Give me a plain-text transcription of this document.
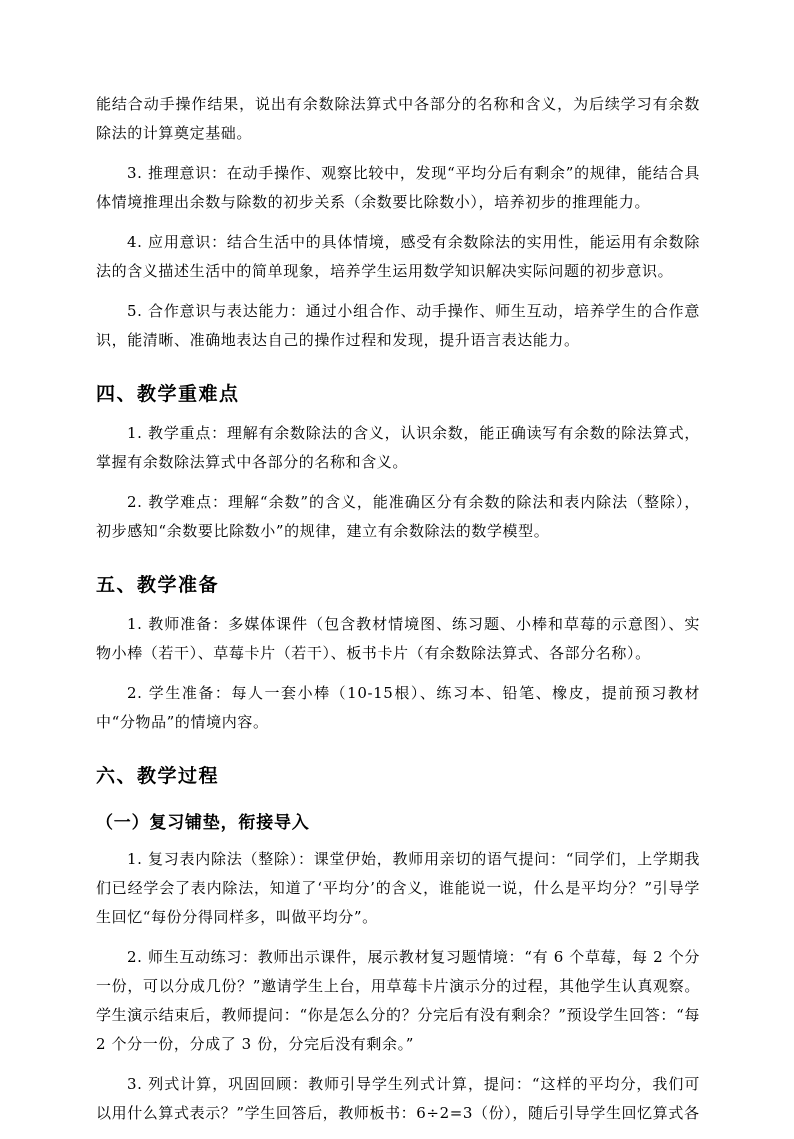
能结合动手操作结果，说出有余数除法算式中各部分的名称和含义，为后续学习有余数除法的计算奠定基础。

3. 推理意识：在动手操作、观察比较中，发现“平均分后有剩余”的规律，能结合具体情境推理出余数与除数的初步关系（余数要比除数小），培养初步的推理能力。

4. 应用意识：结合生活中的具体情境，感受有余数除法的实用性，能运用有余数除法的含义描述生活中的简单现象，培养学生运用数学知识解决实际问题的初步意识。

5. 合作意识与表达能力：通过小组合作、动手操作、师生互动，培养学生的合作意识，能清晰、准确地表达自己的操作过程和发现，提升语言表达能力。

四、教学重难点

1. 教学重点：理解有余数除法的含义，认识余数，能正确读写有余数的除法算式，掌握有余数除法算式中各部分的名称和含义。

2. 教学难点：理解“余数”的含义，能准确区分有余数的除法和表内除法（整除），初步感知“余数要比除数小”的规律，建立有余数除法的数学模型。

五、教学准备

1. 教师准备：多媒体课件（包含教材情境图、练习题、小棒和草莓的示意图）、实物小棒（若干）、草莓卡片（若干）、板书卡片（有余数除法算式、各部分名称）。

2. 学生准备：每人一套小棒（10-15根）、练习本、铅笔、橡皮，提前预习教材中“分物品”的情境内容。

六、教学过程
（一）复习铺垫，衔接导入

1. 复习表内除法（整除）：课堂伊始，教师用亲切的语气提问：“同学们，上学期我们已经学会了表内除法，知道了‘平均分’的含义，谁能说一说，什么是平均分？”引导学生回忆“每份分得同样多，叫做平均分”。

2. 师生互动练习：教师出示课件，展示教材复习题情境：“有 6 个草莓，每 2 个分一份，可以分成几份？”邀请学生上台，用草莓卡片演示分的过程，其他学生认真观察。学生演示结束后，教师提问：“你是怎么分的？分完后有没有剩余？”预设学生回答：“每 2 个分一份，分成了 3 份，分完后没有剩余。”

3. 列式计算，巩固回顾：教师引导学生列式计算，提问：“这样的平均分，我们可以用什么算式表示？”学生回答后，教师板书：6÷2=3（份），随后引导学生回忆算式各
